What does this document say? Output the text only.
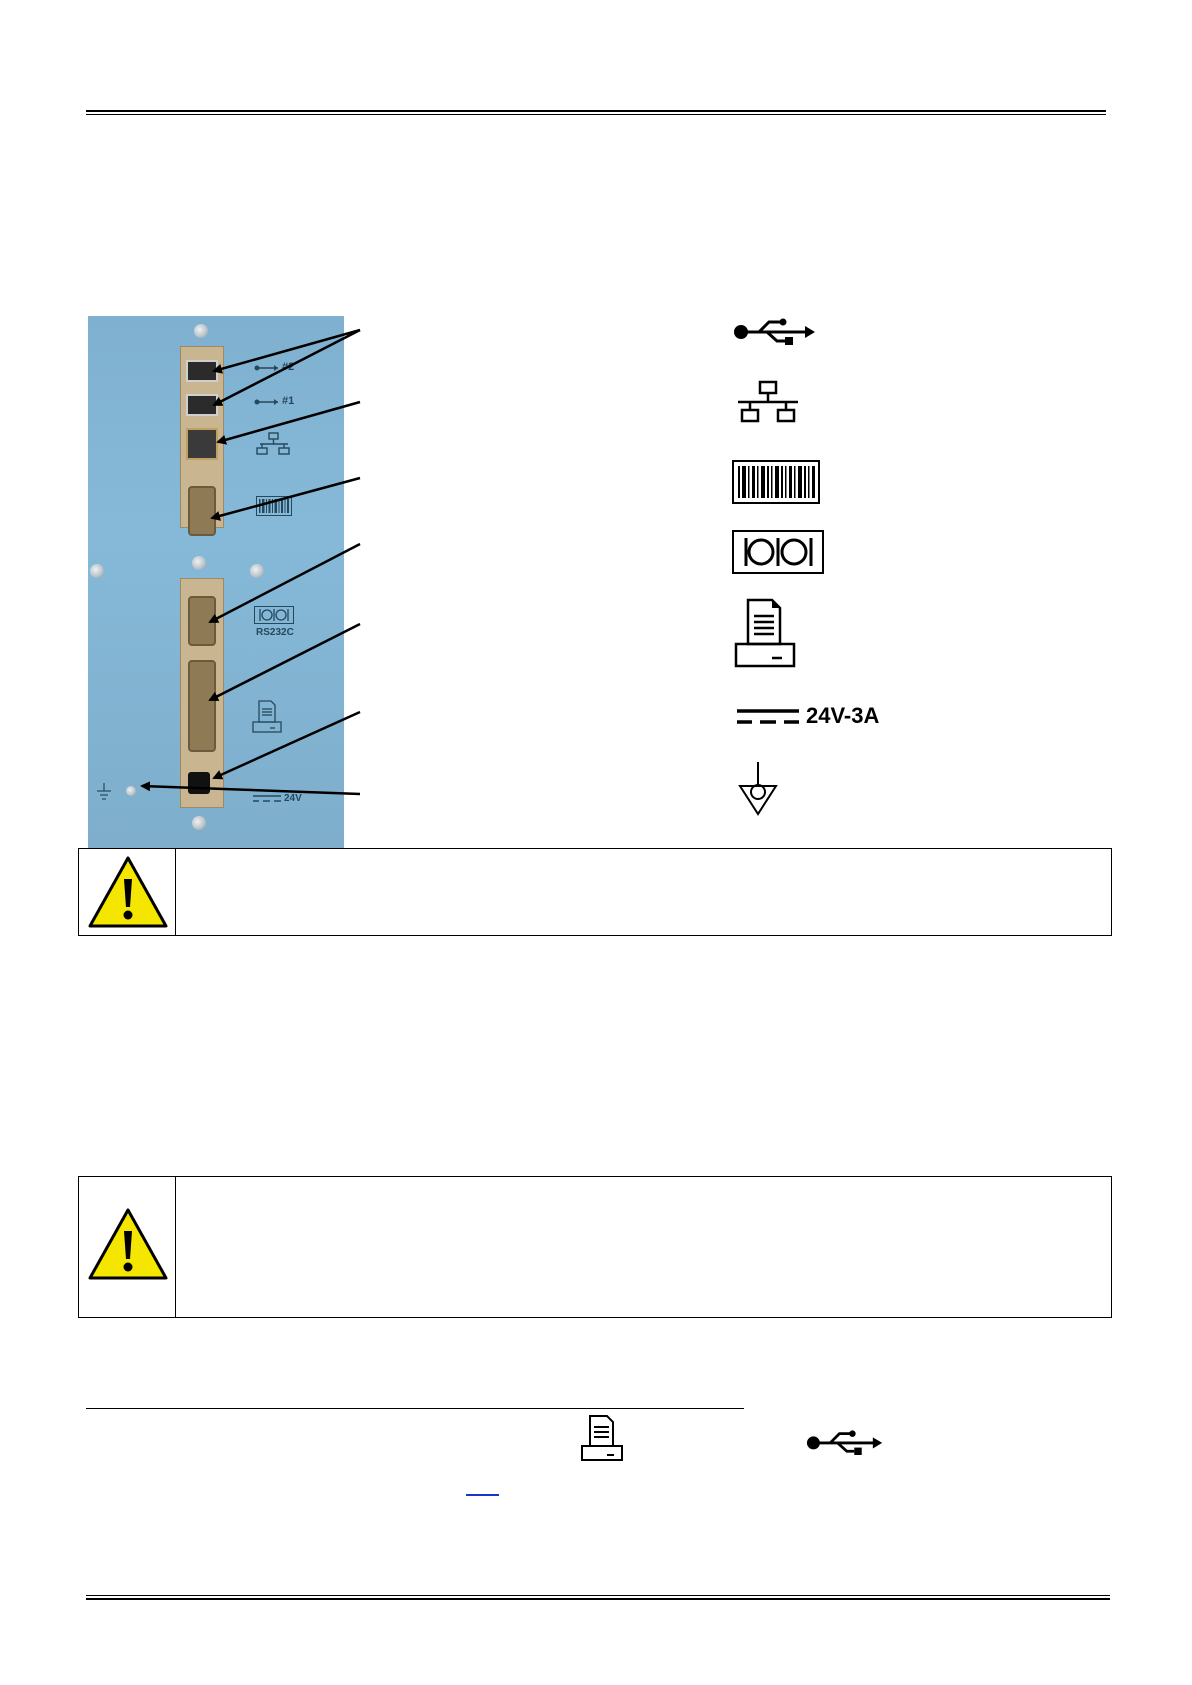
#2
#1
RS232C
24V
24V-3A
